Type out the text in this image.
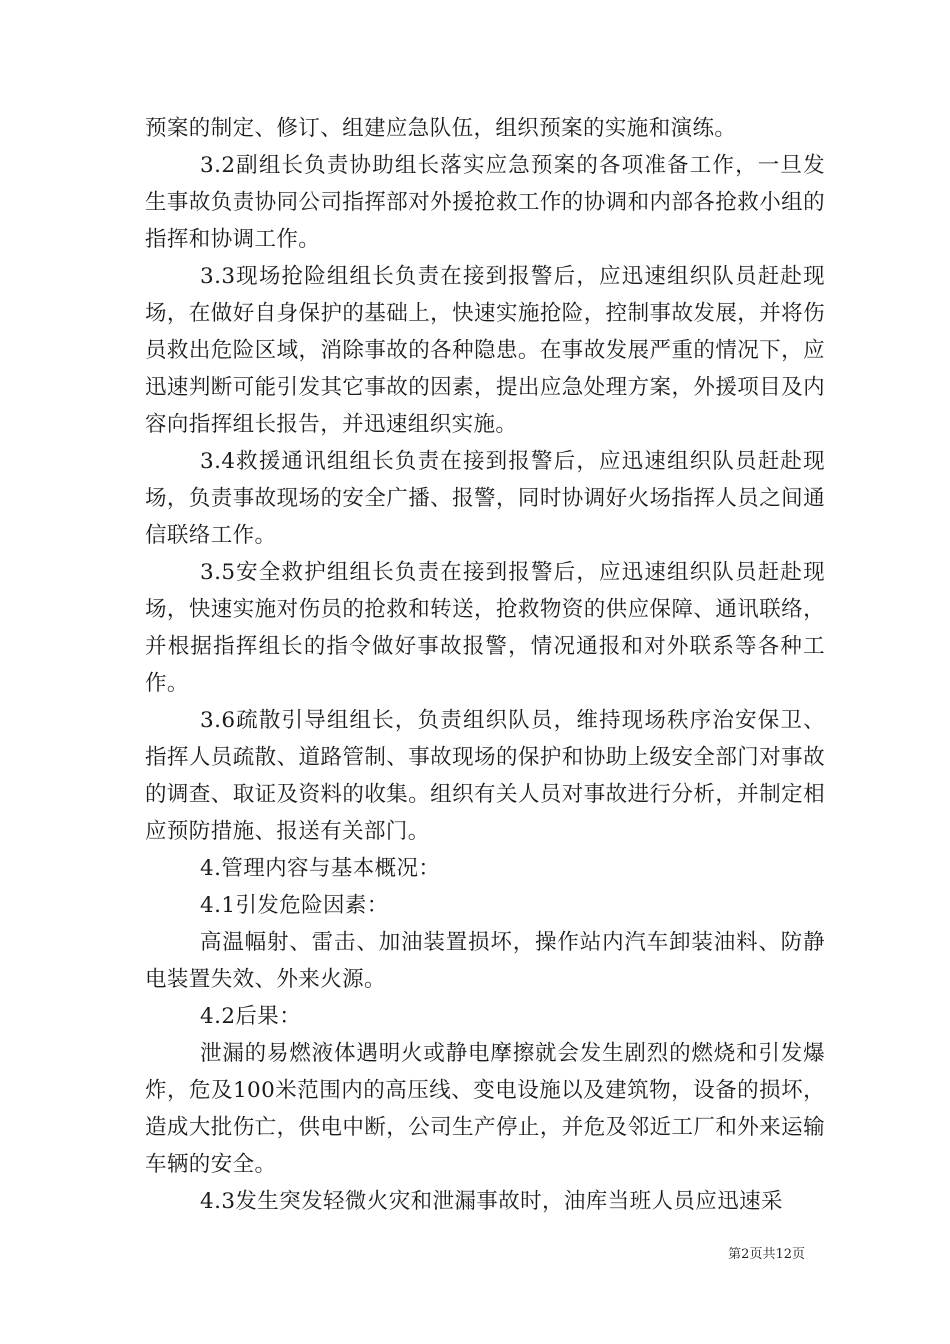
预案的制定、修订、组建应急队伍，组织预案的实施和演练。

3.2副组长负责协助组长落实应急预案的各项准备工作，一旦发生事故负责协同公司指挥部对外援抢救工作的协调和内部各抢救小组的指挥和协调工作。

3.3现场抢险组组长负责在接到报警后，应迅速组织队员赶赴现场，在做好自身保护的基础上，快速实施抢险，控制事故发展，并将伤员救出危险区域，消除事故的各种隐患。在事故发展严重的情况下，应迅速判断可能引发其它事故的因素，提出应急处理方案，外援项目及内容向指挥组长报告，并迅速组织实施。

3.4救援通讯组组长负责在接到报警后，应迅速组织队员赶赴现场，负责事故现场的安全广播、报警，同时协调好火场指挥人员之间通信联络工作。

3.5安全救护组组长负责在接到报警后，应迅速组织队员赶赴现场，快速实施对伤员的抢救和转送，抢救物资的供应保障、通讯联络，并根据指挥组长的指令做好事故报警，情况通报和对外联系等各种工作。

3.6疏散引导组组长，负责组织队员，维持现场秩序治安保卫、指挥人员疏散、道路管制、事故现场的保护和协助上级安全部门对事故的调查、取证及资料的收集。组织有关人员对事故进行分析，并制定相应预防措施、报送有关部门。

4.管理内容与基本概况：

4.1引发危险因素：

高温幅射、雷击、加油装置损坏，操作站内汽车卸装油料、防静电装置失效、外来火源。

4.2后果：

泄漏的易燃液体遇明火或静电摩擦就会发生剧烈的燃烧和引发爆炸，危及100米范围内的高压线、变电设施以及建筑物，设备的损坏，造成大批伤亡，供电中断，公司生产停止，并危及邻近工厂和外来运输车辆的安全。

4.3发生突发轻微火灾和泄漏事故时，油库当班人员应迅速采

第2页共12页
